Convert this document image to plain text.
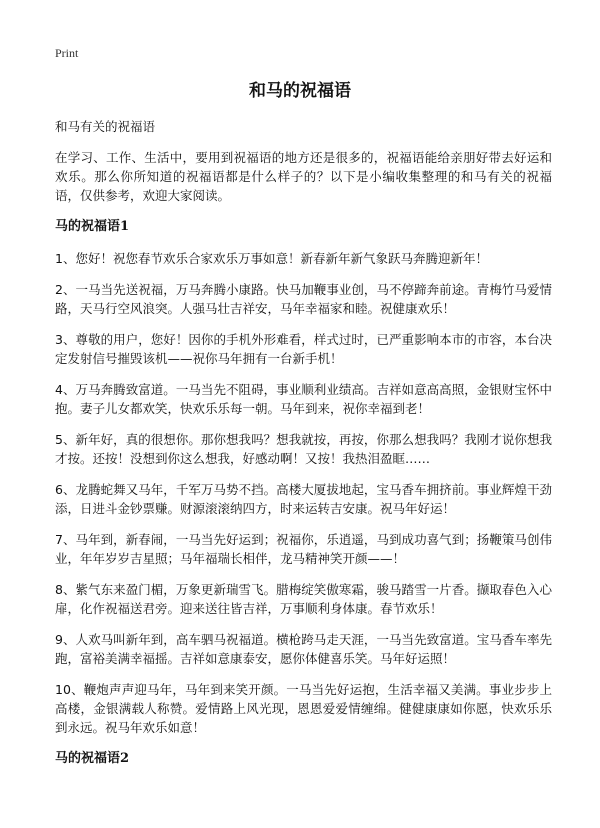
Print
和马的祝福语
和马有关的祝福语

在学习、工作、生活中，要用到祝福语的地方还是很多的，祝福语能给亲朋好带去好运和欢乐。那么你所知道的祝福语都是什么样子的？以下是小编收集整理的和马有关的祝福语，仅供参考，欢迎大家阅读。

马的祝福语1

1、您好！祝您春节欢乐合家欢乐万事如意！新春新年新气象跃马奔腾迎新年！

2、一马当先送祝福，万马奔腾小康路。快马加鞭事业创，马不停蹄奔前途。青梅竹马爱情路，天马行空风浪突。人强马壮吉祥安，马年幸福家和睦。祝健康欢乐！

3、尊敬的用户，您好！因你的手机外形难看，样式过时，已严重影响本市的市容，本台决定发射信号摧毁该机——祝你马年拥有一台新手机！

4、万马奔腾致富道。一马当先不阻碍，事业顺利业绩高。吉祥如意高高照，金银财宝怀中抱。妻子儿女都欢笑，快欢乐乐每一朝。马年到来，祝你幸福到老！

5、新年好，真的很想你。那你想我吗？想我就按，再按，你那么想我吗？我刚才说你想我才按。还按！没想到你这么想我，好感动啊！又按！我热泪盈眶……

6、龙腾蛇舞又马年，千军万马势不挡。高楼大厦拔地起，宝马香车拥挤前。事业辉煌干劲添，日进斗金钞票赚。财源滚滚纳四方，时来运转吉安康。祝马年好运！

7、马年到，新春闹，一马当先好运到；祝福你，乐逍遥，马到成功喜气到；扬鞭策马创伟业，年年岁岁吉星照；马年福瑞长相伴，龙马精神笑开颜——！

8、紫气东来盈门楣，万象更新瑞雪飞。腊梅绽笑傲寒霜，骏马踏雪一片香。撷取春色入心扉，化作祝福送君旁。迎来送往皆吉祥，万事顺利身体康。春节欢乐！

9、人欢马叫新年到，高车驷马祝福道。横枪跨马走天涯，一马当先致富道。宝马香车率先跑，富裕美满幸福摇。吉祥如意康泰安，愿你体健喜乐笑。马年好运照！

10、鞭炮声声迎马年，马年到来笑开颜。一马当先好运抱，生活幸福又美满。事业步步上高楼，金银满载人称赞。爱情路上风光现，恩恩爱爱情缠绵。健健康康如你愿，快欢乐乐到永远。祝马年欢乐如意！

马的祝福语2
